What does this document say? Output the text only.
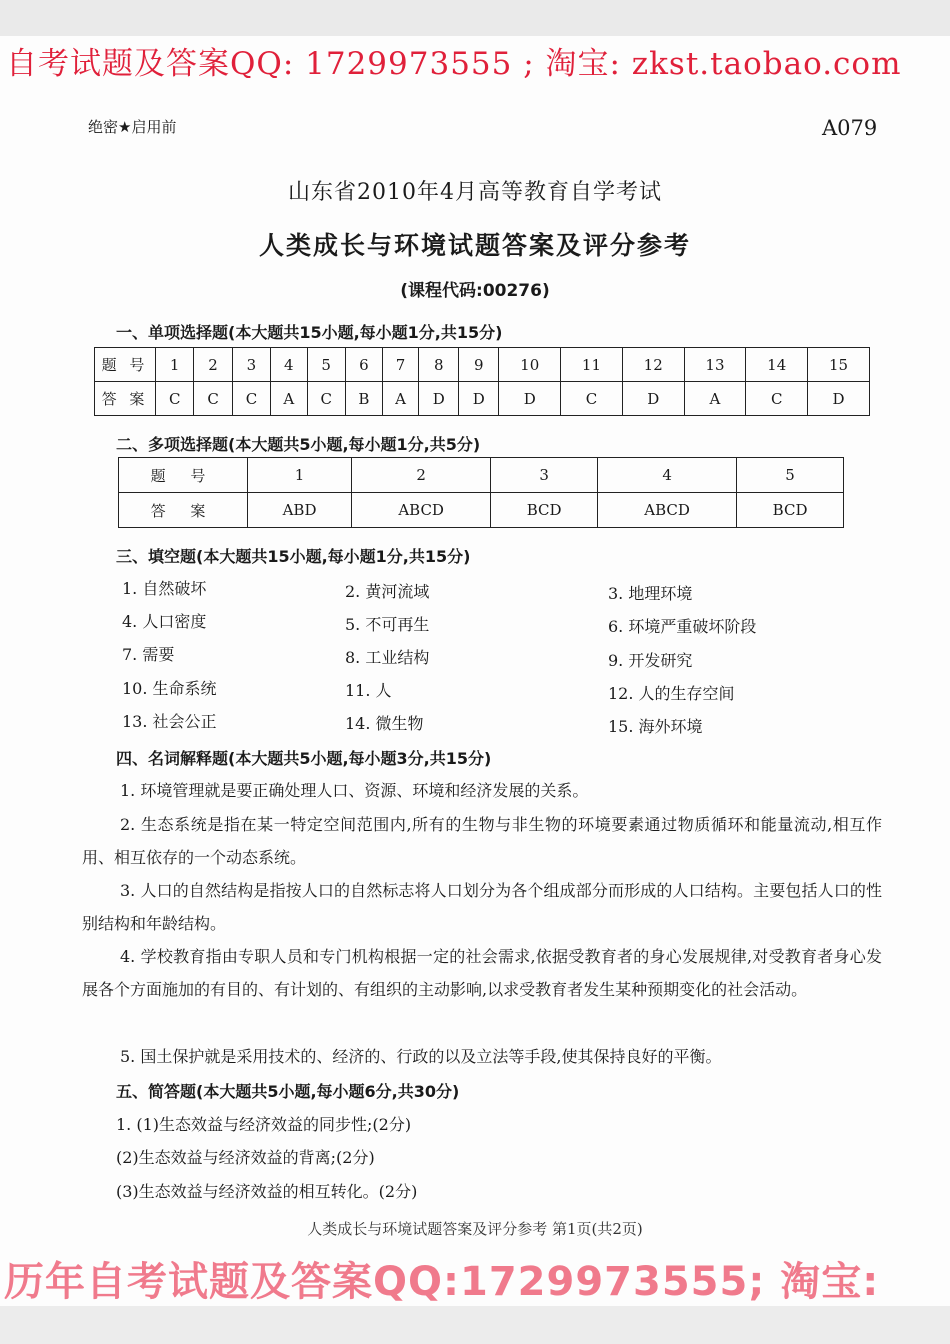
自考试题及答案QQ: 1729973555 ; 淘宝: zkst.taobao.com
绝密★启用前	A079
山东省2010年4月高等教育自学考试
人类成长与环境试题答案及评分参考
(课程代码:00276)
一、单项选择题(本大题共15小题,每小题1分,共15分)
题 号	1	2	3	4	5	6	7	8	9	10	11	12	13	14	15
答 案	C	C	C	A	C	B	A	D	D	D	C	D	A	C	D
二、多项选择题(本大题共5小题,每小题1分,共5分)
题 号	1	2	3	4	5
答 案	ABD	ABCD	BCD	ABCD	BCD
三、填空题(本大题共15小题,每小题1分,共15分)
1. 自然破坏	2. 黄河流域	3. 地理环境
4. 人口密度	5. 不可再生	6. 环境严重破坏阶段
7. 需要	8. 工业结构	9. 开发研究
10. 生命系统	11. 人	12. 人的生存空间
13. 社会公正	14. 微生物	15. 海外环境
四、名词解释题(本大题共5小题,每小题3分,共15分)
1. 环境管理就是要正确处理人口、资源、环境和经济发展的关系。
2. 生态系统是指在某一特定空间范围内,所有的生物与非生物的环境要素通过物质循环和能量流动,相互作用、相互依存的一个动态系统。
3. 人口的自然结构是指按人口的自然标志将人口划分为各个组成部分而形成的人口结构。主要包括人口的性别结构和年龄结构。
4. 学校教育指由专职人员和专门机构根据一定的社会需求,依据受教育者的身心发展规律,对受教育者身心发展各个方面施加的有目的、有计划的、有组织的主动影响,以求受教育者发生某种预期变化的社会活动。
5. 国土保护就是采用技术的、经济的、行政的以及立法等手段,使其保持良好的平衡。
五、简答题(本大题共5小题,每小题6分,共30分)
1. (1)生态效益与经济效益的同步性;(2分)
(2)生态效益与经济效益的背离;(2分)
(3)生态效益与经济效益的相互转化。(2分)
人类成长与环境试题答案及评分参考 第1页(共2页)
历年自考试题及答案QQ:1729973555; 淘宝:
